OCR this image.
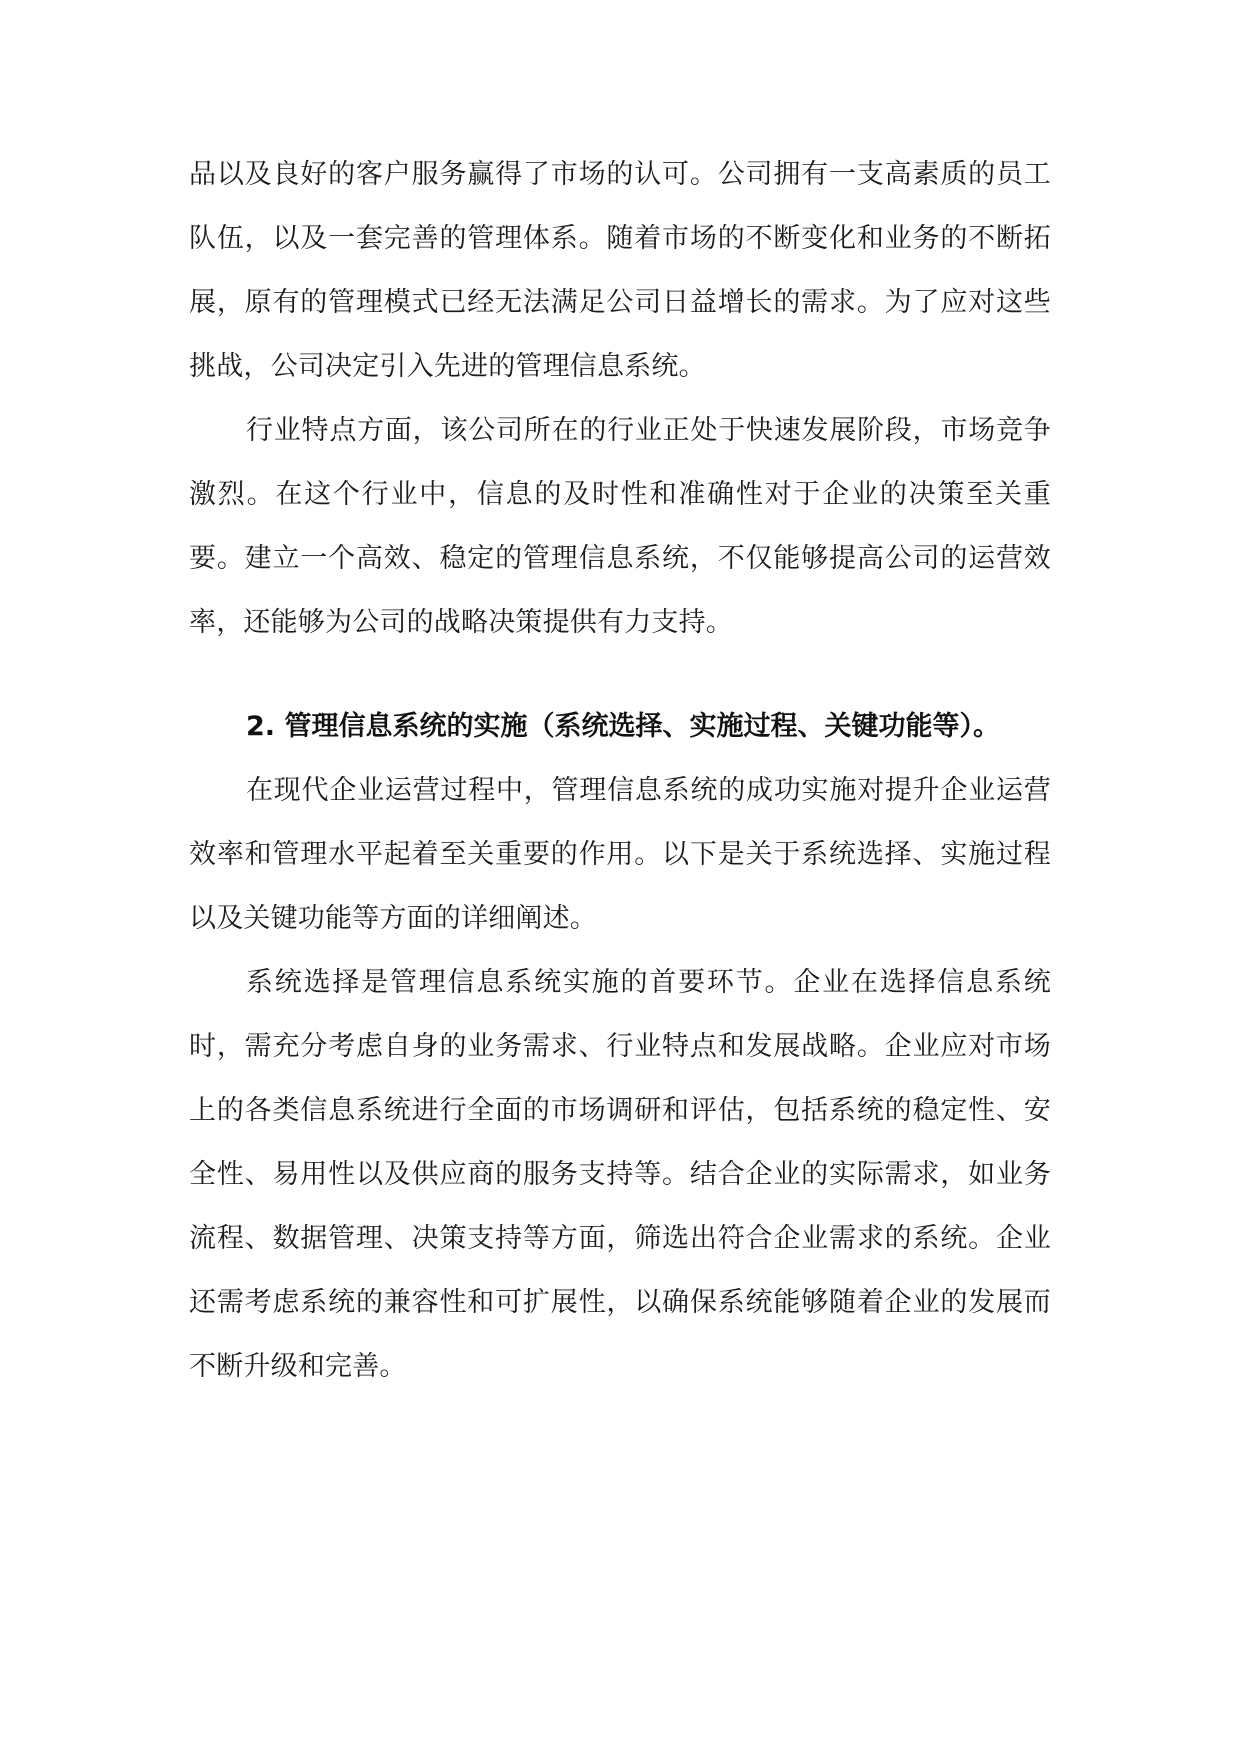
品以及良好的客户服务赢得了市场的认可。公司拥有一支高素质的员工队伍，以及一套完善的管理体系。随着市场的不断变化和业务的不断拓展，原有的管理模式已经无法满足公司日益增长的需求。为了应对这些挑战，公司决定引入先进的管理信息系统。

行业特点方面，该公司所在的行业正处于快速发展阶段，市场竞争激烈。在这个行业中，信息的及时性和准确性对于企业的决策至关重要。建立一个高效、稳定的管理信息系统，不仅能够提高公司的运营效率，还能够为公司的战略决策提供有力支持。

2. 管理信息系统的实施（系统选择、实施过程、关键功能等）。

在现代企业运营过程中，管理信息系统的成功实施对提升企业运营效率和管理水平起着至关重要的作用。以下是关于系统选择、实施过程以及关键功能等方面的详细阐述。

系统选择是管理信息系统实施的首要环节。企业在选择信息系统时，需充分考虑自身的业务需求、行业特点和发展战略。企业应对市场上的各类信息系统进行全面的市场调研和评估，包括系统的稳定性、安全性、易用性以及供应商的服务支持等。结合企业的实际需求，如业务流程、数据管理、决策支持等方面，筛选出符合企业需求的系统。企业还需考虑系统的兼容性和可扩展性，以确保系统能够随着企业的发展而不断升级和完善。
